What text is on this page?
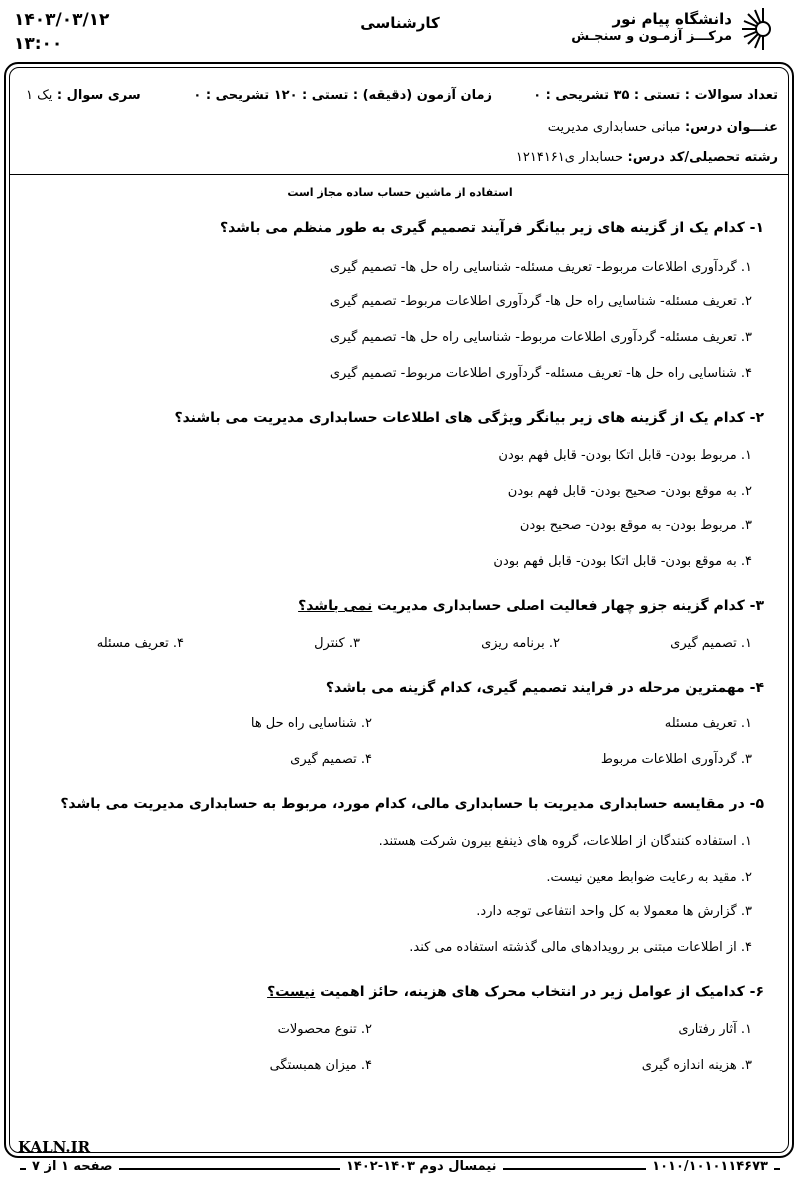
۱۴۰۳/۰۳/۱۲
۱۳:۰۰
کارشناسی	دانشگاه پیام نور
مرکـــز آزمـون و سنجـش
تعداد سوالات : تستی : ۳۵ تشریحی : ۰
زمان آزمون (دقیقه) : تستی : ۱۲۰ تشریحی : ۰
سری سوال : یک ۱
عنـــوان درس: مبانی حسابداری مدیریت
رشته تحصیلی/کد درس: حسابدار ی۱۲۱۴۱۶۱
استفاده از ماشین حساب ساده مجاز است
۱- کدام یک از گزینه های زیر بیانگر فرآیند تصمیم گیری به طور منظم می باشد؟
۱. گردآوری اطلاعات مربوط- تعریف مسئله- شناسایی راه حل ها- تصمیم گیری
۲. تعریف مسئله- شناسایی راه حل ها- گردآوری اطلاعات مربوط- تصمیم گیری
۳. تعریف مسئله- گردآوری اطلاعات مربوط- شناسایی راه حل ها- تصمیم گیری
۴. شناسایی راه حل ها- تعریف مسئله- گردآوری اطلاعات مربوط- تصمیم گیری
۲- کدام یک از گزینه های زیر بیانگر ویژگی های اطلاعات حسابداری مدیریت می باشند؟
۱. مربوط بودن- قابل اتکا بودن- قابل فهم بودن
۲. به موقع بودن- صحیح بودن- قابل فهم بودن
۳. مربوط بودن- به موقع بودن- صحیح بودن
۴. به موقع بودن- قابل اتکا بودن- قابل فهم بودن
۳- کدام گزینه جزو چهار فعالیت اصلی حسابداری مدیریت نمی باشد؟
۱. تصمیم گیری
۲. برنامه ریزی
۳. کنترل
۴. تعریف مسئله
۴- مهمترین مرحله در فرایند تصمیم گیری، کدام گزینه می باشد؟
۱. تعریف مسئله
۲. شناسایی راه حل ها
۳. گردآوری اطلاعات مربوط
۴. تصمیم گیری
۵- در مقایسه حسابداری مدیریت با حسابداری مالی، کدام مورد، مربوط به حسابداری مدیریت می باشد؟
۱. استفاده کنندگان از اطلاعات، گروه های ذینفع بیرون شرکت هستند.
۲. مقید به رعایت ضوابط معین نیست.
۳. گزارش ها معمولا به کل واحد انتفاعی توجه دارد.
۴. از اطلاعات مبتنی بر رویدادهای مالی گذشته استفاده می کند.
۶- کدامیک از عوامل زیر در انتخاب محرک های هزینه، حائز اهمیت نیست؟
۱. آثار رفتاری
۲. تنوع محصولات
۳. هزینه اندازه گیری
۴. میزان همبستگی
KALN.IR
صفحه ۱ از ۷	نیمسال دوم ۱۴۰۳-۱۴۰۲	۱۰۱۰/۱۰۱۰۱۱۴۶۷۳
